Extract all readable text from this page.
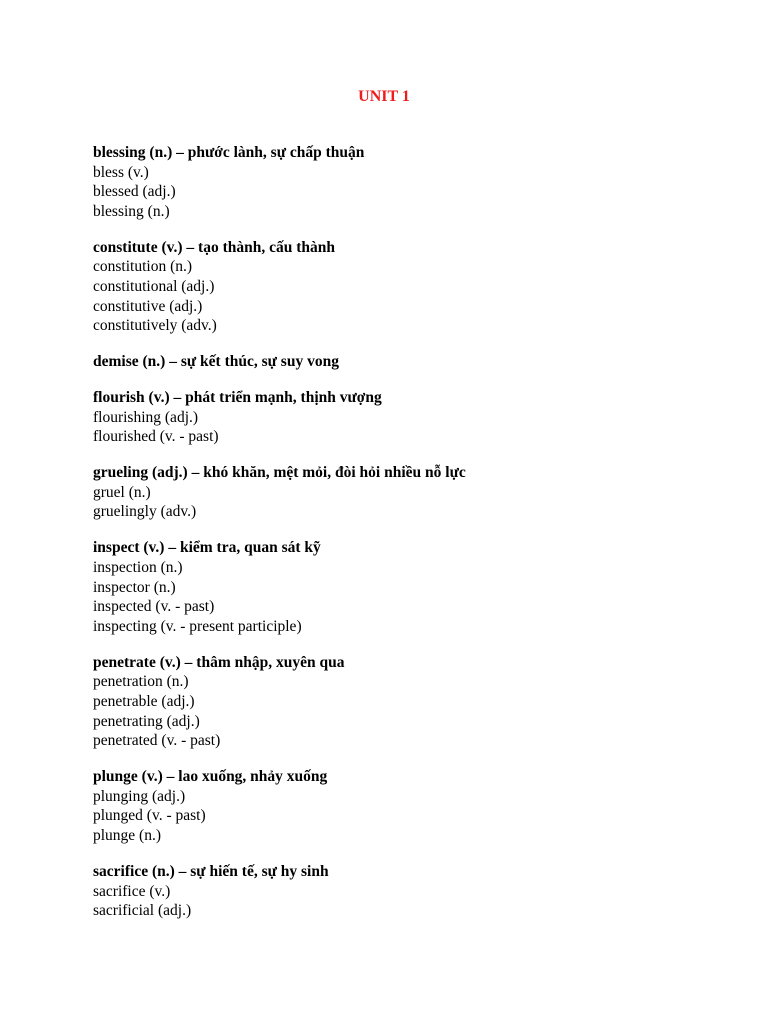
UNIT 1
blessing (n.) – phước lành, sự chấp thuận
bless (v.)
blessed (adj.)
blessing (n.)
constitute (v.) – tạo thành, cấu thành
constitution (n.)
constitutional (adj.)
constitutive (adj.)
constitutively (adv.)
demise (n.) – sự kết thúc, sự suy vong
flourish (v.) – phát triển mạnh, thịnh vượng
flourishing (adj.)
flourished (v. - past)
grueling (adj.) – khó khăn, mệt mỏi, đòi hỏi nhiều nỗ lực
gruel (n.)
gruelingly (adv.)
inspect (v.) – kiểm tra, quan sát kỹ
inspection (n.)
inspector (n.)
inspected (v. - past)
inspecting (v. - present participle)
penetrate (v.) – thâm nhập, xuyên qua
penetration (n.)
penetrable (adj.)
penetrating (adj.)
penetrated (v. - past)
plunge (v.) – lao xuống, nhảy xuống
plunging (adj.)
plunged (v. - past)
plunge (n.)
sacrifice (n.) – sự hiến tế, sự hy sinh
sacrifice (v.)
sacrificial (adj.)
